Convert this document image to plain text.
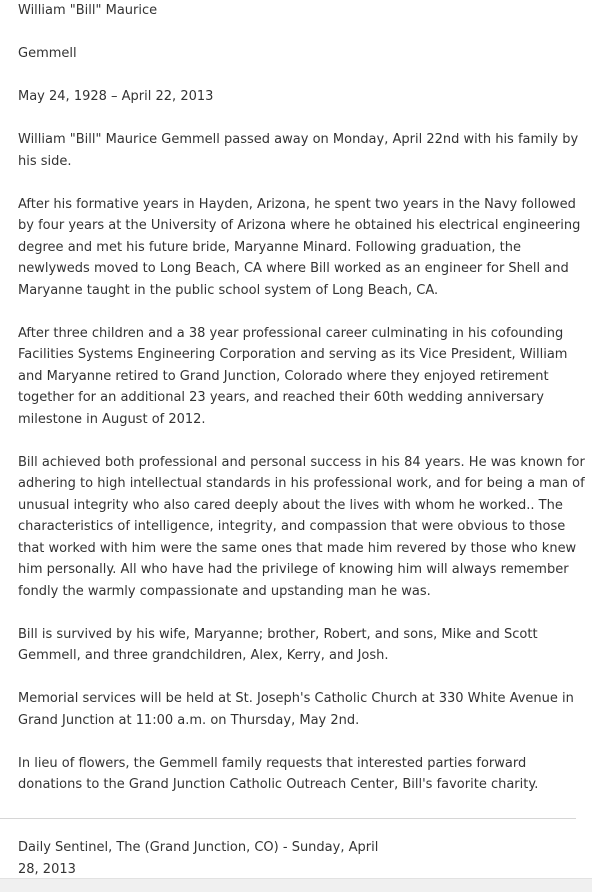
William "Bill" Maurice

Gemmell

May 24, 1928 – April 22, 2013

William "Bill" Maurice Gemmell passed away on Monday, April 22nd with his family by

his side.

After his formative years in Hayden, Arizona, he spent two years in the Navy followed

by four years at the University of Arizona where he obtained his electrical engineering

degree and met his future bride, Maryanne Minard. Following graduation, the

newlyweds moved to Long Beach, CA where Bill worked as an engineer for Shell and

Maryanne taught in the public school system of Long Beach, CA.

After three children and a 38 year professional career culminating in his cofounding

Facilities Systems Engineering Corporation and serving as its Vice President, William

and Maryanne retired to Grand Junction, Colorado where they enjoyed retirement

together for an additional 23 years, and reached their 60th wedding anniversary

milestone in August of 2012.

Bill achieved both professional and personal success in his 84 years. He was known for

adhering to high intellectual standards in his professional work, and for being a man of

unusual integrity who also cared deeply about the lives with whom he worked.. The

characteristics of intelligence, integrity, and compassion that were obvious to those

that worked with him were the same ones that made him revered by those who knew

him personally. All who have had the privilege of knowing him will always remember

fondly the warmly compassionate and upstanding man he was.

Bill is survived by his wife, Maryanne; brother, Robert, and sons, Mike and Scott

Gemmell, and three grandchildren, Alex, Kerry, and Josh.

Memorial services will be held at St. Joseph's Catholic Church at 330 White Avenue in

Grand Junction at 11:00 a.m. on Thursday, May 2nd.

In lieu of flowers, the Gemmell family requests that interested parties forward

donations to the Grand Junction Catholic Outreach Center, Bill's favorite charity.

Daily Sentinel, The (Grand Junction, CO) - Sunday, April

28, 2013
